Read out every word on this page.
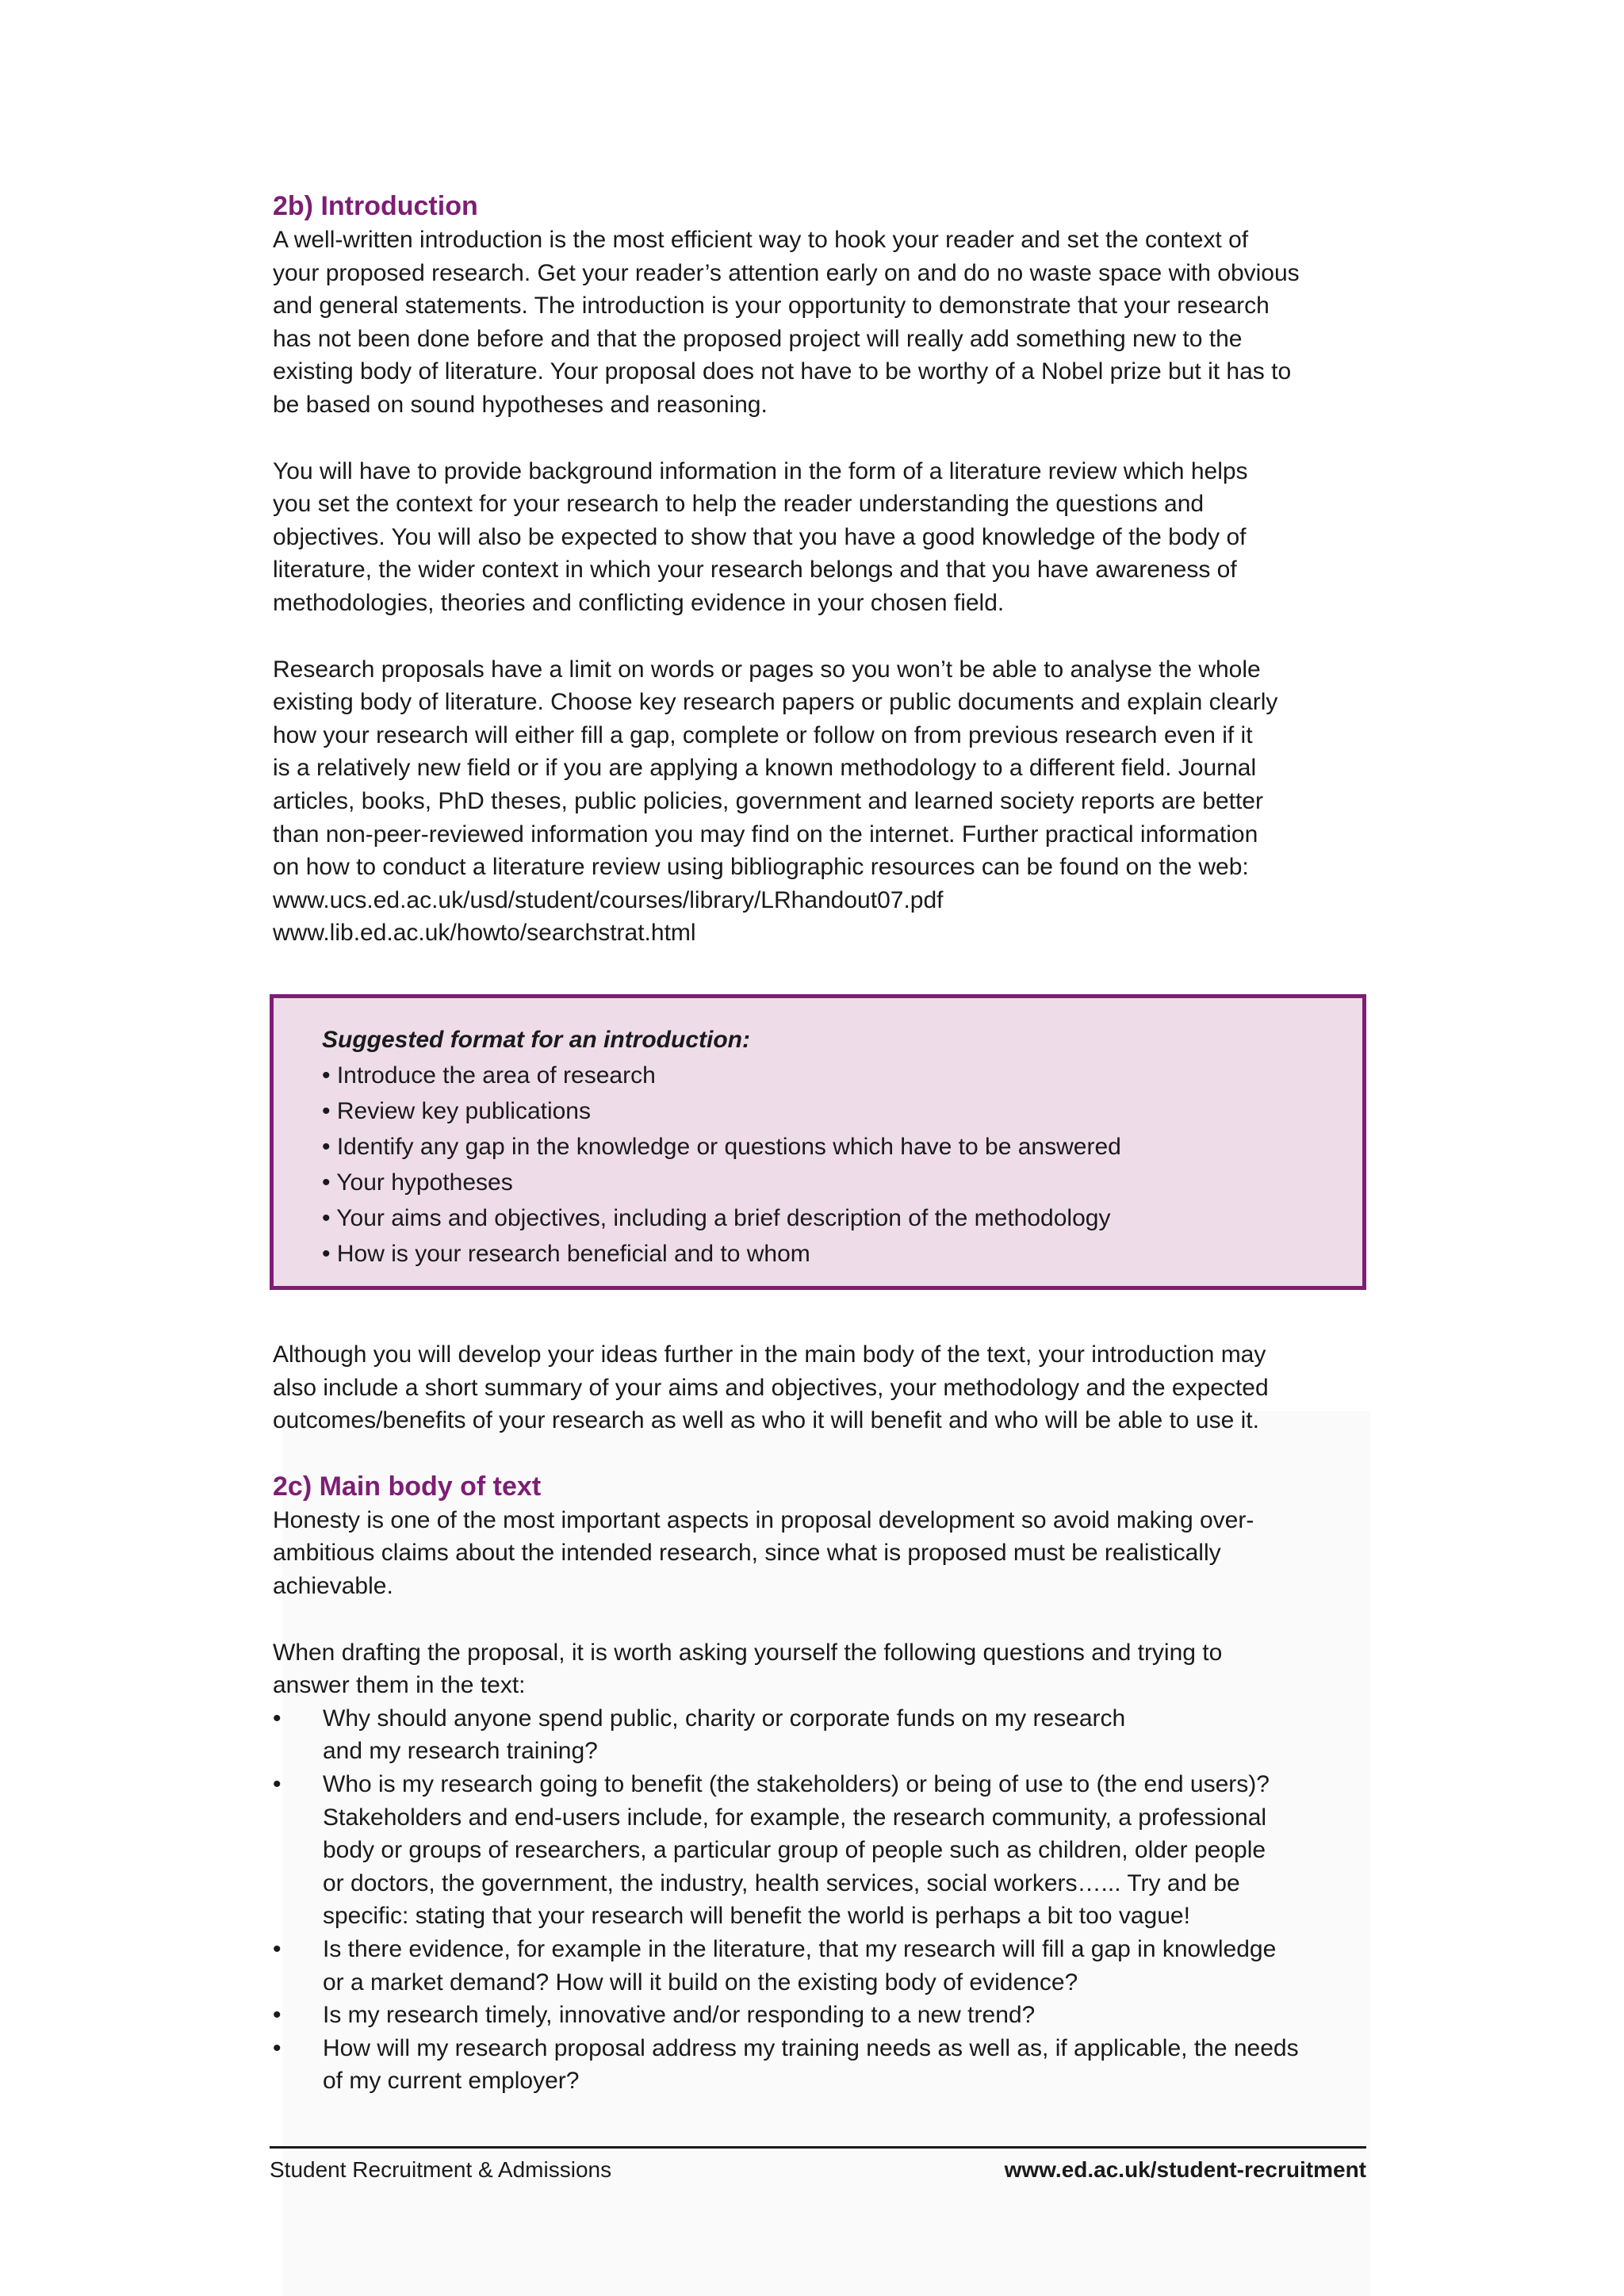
2b) Introduction

A well-written introduction is the most efficient way to hook your reader and set the context of
your proposed research. Get your reader’s attention early on and do no waste space with obvious
and general statements. The introduction is your opportunity to demonstrate that your research
has not been done before and that the proposed project will really add something new to the
existing body of literature. Your proposal does not have to be worthy of a Nobel prize but it has to
be based on sound hypotheses and reasoning.

You will have to provide background information in the form of a literature review which helps
you set the context for your research to help the reader understanding the questions and
objectives. You will also be expected to show that you have a good knowledge of the body of
literature, the wider context in which your research belongs and that you have awareness of
methodologies, theories and conflicting evidence in your chosen field.

Research proposals have a limit on words or pages so you won’t be able to analyse the whole
existing body of literature. Choose key research papers or public documents and explain clearly
how your research will either fill a gap, complete or follow on from previous research even if it
is a relatively new field or if you are applying a known methodology to a different field. Journal
articles, books, PhD theses, public policies, government and learned society reports are better
than non-peer-reviewed information you may find on the internet. Further practical information
on how to conduct a literature review using bibliographic resources can be found on the web:
www.ucs.ed.ac.uk/usd/student/courses/library/LRhandout07.pdf
www.lib.ed.ac.uk/howto/searchstrat.html

Suggested format for an introduction:
• Introduce the area of research
• Review key publications
• Identify any gap in the knowledge or questions which have to be answered
• Your hypotheses
• Your aims and objectives, including a brief description of the methodology
• How is your research beneficial and to whom

Although you will develop your ideas further in the main body of the text, your introduction may
also include a short summary of your aims and objectives, your methodology and the expected
outcomes/benefits of your research as well as who it will benefit and who will be able to use it.

2c) Main body of text

Honesty is one of the most important aspects in proposal development so avoid making over-
ambitious claims about the intended research, since what is proposed must be realistically
achievable.

When drafting the proposal, it is worth asking yourself the following questions and trying to
answer them in the text:

• Why should anyone spend public, charity or corporate funds on my research
and my research training?
• Who is my research going to benefit (the stakeholders) or being of use to (the end users)?
Stakeholders and end-users include, for example, the research community, a professional
body or groups of researchers, a particular group of people such as children, older people
or doctors, the government, the industry, health services, social workers…... Try and be
specific: stating that your research will benefit the world is perhaps a bit too vague!
• Is there evidence, for example in the literature, that my research will fill a gap in knowledge
or a market demand? How will it build on the existing body of evidence?
• Is my research timely, innovative and/or responding to a new trend?
• How will my research proposal address my training needs as well as, if applicable, the needs
of my current employer?
Student Recruitment & Admissions	www.ed.ac.uk/student-recruitment
